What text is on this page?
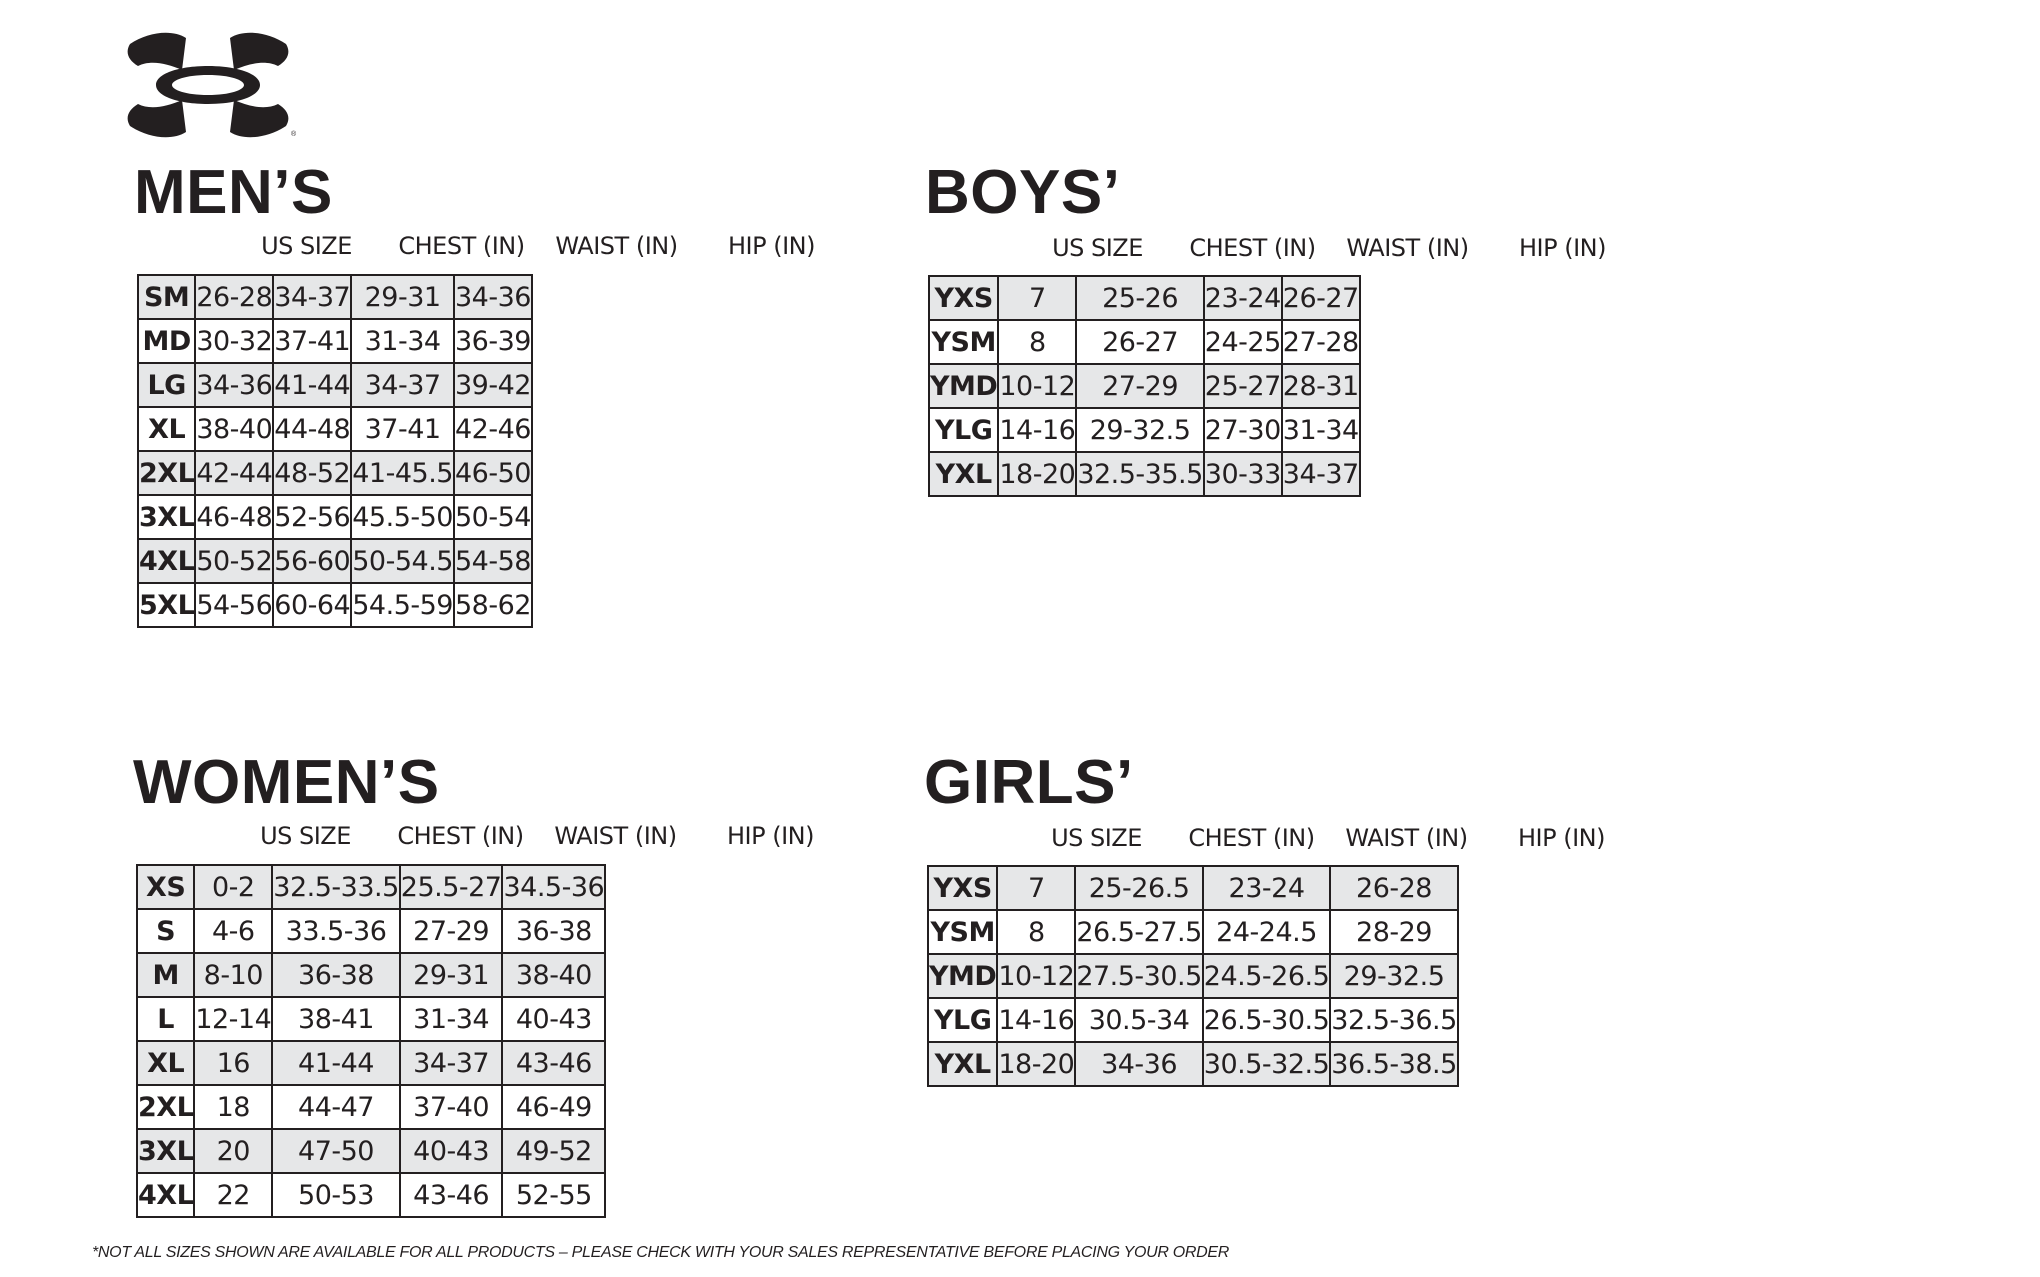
®
MEN’S
US SIZE	CHEST (IN)	WAIST (IN)	HIP (IN)
SM	26-28	34-37	29-31	34-36
MD	30-32	37-41	31-34	36-39
LG	34-36	41-44	34-37	39-42
XL	38-40	44-48	37-41	42-46
2XL	42-44	48-52	41-45.5	46-50
3XL	46-48	52-56	45.5-50	50-54
4XL	50-52	56-60	50-54.5	54-58
5XL	54-56	60-64	54.5-59	58-62
BOYS’
US SIZE	CHEST (IN)	WAIST (IN)	HIP (IN)
YXS	7	25-26	23-24	26-27
YSM	8	26-27	24-25	27-28
YMD	10-12	27-29	25-27	28-31
YLG	14-16	29-32.5	27-30	31-34
YXL	18-20	32.5-35.5	30-33	34-37
WOMEN’S
US SIZE	CHEST (IN)	WAIST (IN)	HIP (IN)
XS	0-2	32.5-33.5	25.5-27	34.5-36
S	4-6	33.5-36	27-29	36-38
M	8-10	36-38	29-31	38-40
L	12-14	38-41	31-34	40-43
XL	16	41-44	34-37	43-46
2XL	18	44-47	37-40	46-49
3XL	20	47-50	40-43	49-52
4XL	22	50-53	43-46	52-55
GIRLS’
US SIZE	CHEST (IN)	WAIST (IN)	HIP (IN)
YXS	7	25-26.5	23-24	26-28
YSM	8	26.5-27.5	24-24.5	28-29
YMD	10-12	27.5-30.5	24.5-26.5	29-32.5
YLG	14-16	30.5-34	26.5-30.5	32.5-36.5
YXL	18-20	34-36	30.5-32.5	36.5-38.5
*NOT ALL SIZES SHOWN ARE AVAILABLE FOR ALL PRODUCTS – PLEASE CHECK WITH YOUR SALES REPRESENTATIVE BEFORE PLACING YOUR ORDER
